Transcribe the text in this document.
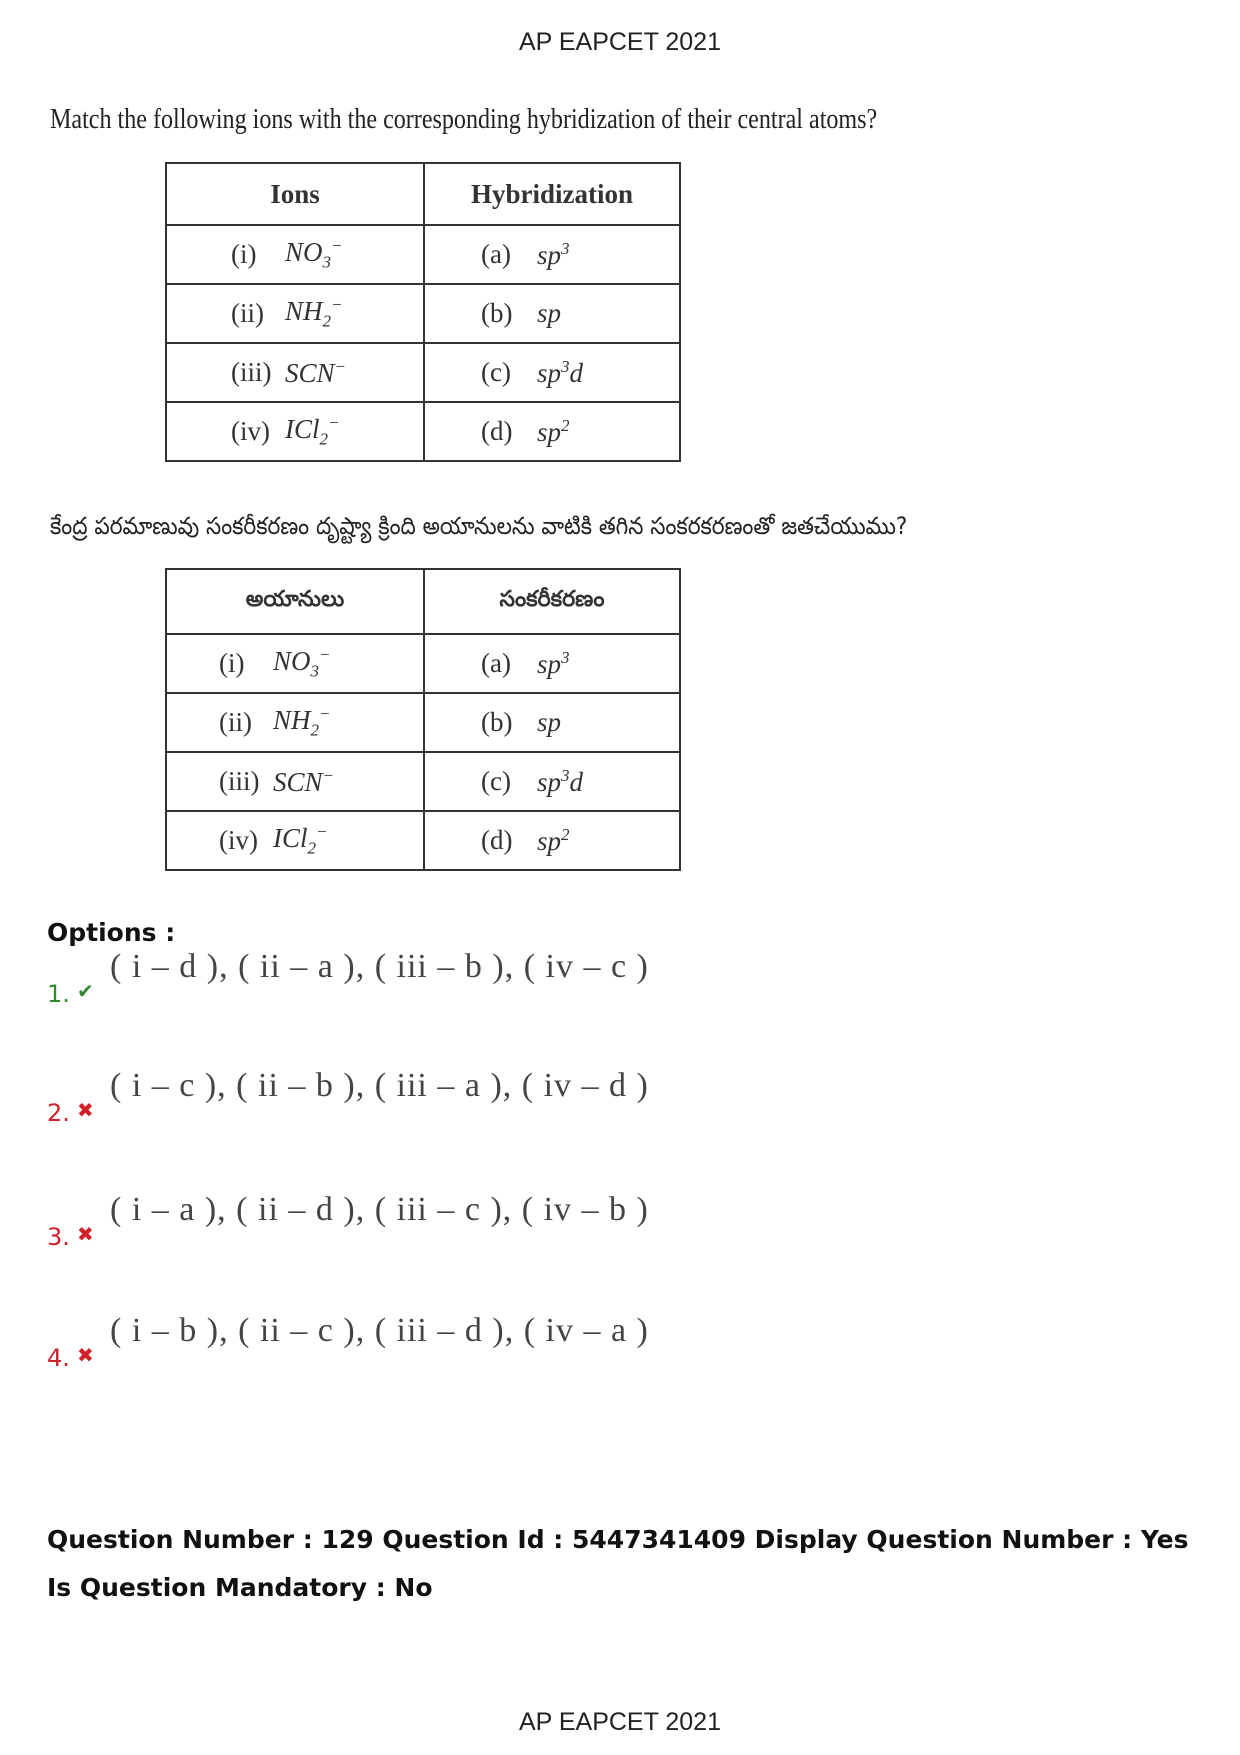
AP EAPCET 2021
Match the following ions with the corresponding hybridization of their central atoms?
Ions	Hybridization

(i) $NO_3^-$	(a) $sp^3$

(ii) $NH_2^-$	(b) sp

(iii) SCN−	(c) $sp^3d$

(iv) ICl$_2$−	(d) $sp^2$
కేంద్ర పరమాణువు సంకరీకరణం దృష్ట్యా క్రింది అయానులను వాటికి తగిన సంకరకరణంతో జతచేయుము?
అయానులు	సంకరీకరణం

(i) $NO_3^-$	(a) $sp^3$

(ii) $NH_2^-$	(b) sp

(iii) SCN−	(c) $sp^3d$

(iv) ICl$_2$−	(d) $sp^2$
Options :
1. ✔
( i – d ), ( ii – a ), ( iii – b ), ( iv – c )
2. ✖
( i – c ), ( ii – b ), ( iii – a ), ( iv – d )
3. ✖
( i – a ), ( ii – d ), ( iii – c ), ( iv – b )
4. ✖
( i – b ), ( ii – c ), ( iii – d ), ( iv – a )
Question Number : 129 Question Id : 5447341409 Display Question Number : Yes Is Question Mandatory : No
AP EAPCET 2021
